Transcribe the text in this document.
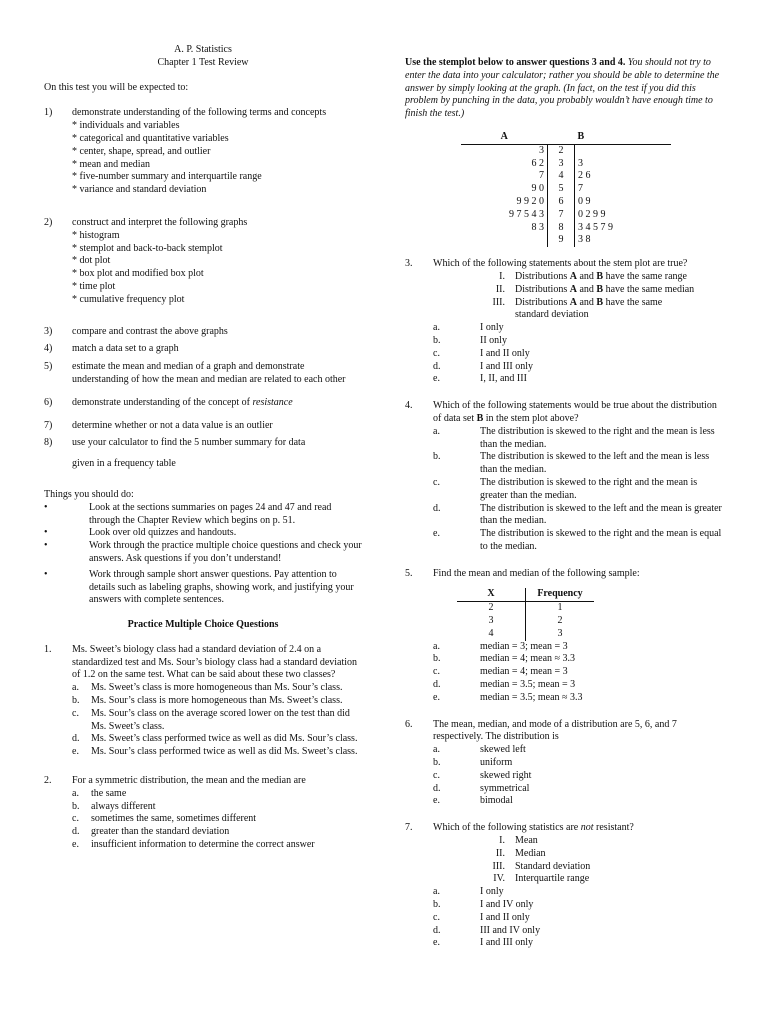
A. P. Statistics
Chapter 1 Test Review
On this test you will be expected to:
1)	demonstrate understanding of the following terms and concepts
* individuals and variables
* categorical and quantitative variables
* center, shape, spread, and outlier
* mean and median
* five-number summary and interquartile range
* variance and standard deviation
2)	construct and interpret the following graphs
* histogram
* stemplot and back-to-back stemplot
* dot plot
* box plot and modified box plot
* time plot
* cumulative frequency plot
3)	compare and contrast the above graphs
4)	match a data set to a graph
5)	estimate the mean and median of a graph and demonstrate understanding of how the mean and median are related to each other
6)	demonstrate understanding of the concept of resistance
7)	determine whether or not a data value is an outlier
8)	use your calculator to find the 5 number summary for data
given in a frequency table
Things you should do:
•	Look at the sections summaries on pages 24 and 47 and read through the Chapter Review which begins on p. 51.
•	Look over old quizzes and handouts.
•	Work through the practice multiple choice questions and check your answers. Ask questions if you don’t understand!
•	Work through sample short answer questions. Pay attention to details such as labeling graphs, showing work, and justifying your answers with complete sentences.
Practice Multiple Choice Questions
1.	Ms. Sweet’s biology class had a standard deviation of 2.4 on a standardized test and Ms. Sour’s biology class had a standard deviation of 1.2 on the same test. What can be said about these two classes?
a.	Ms. Sweet’s class is more homogeneous than Ms. Sour’s class.
b.	Ms. Sour’s class is more homogeneous than Ms. Sweet’s class.
c.	Ms. Sour’s class on the average scored lower on the test than did Ms. Sweet’s class.
d.	Ms. Sweet’s class performed twice as well as did Ms. Sour’s class.
e.	Ms. Sour’s class performed twice as well as did Ms. Sweet’s class.
2.	For a symmetric distribution, the mean and the median are
a.	the same
b.	always different
c.	sometimes the same, sometimes different
d.	greater than the standard deviation
e.	insufficient information to determine the correct answer
Use the stemplot below to answer questions 3 and 4. You should not try to enter the data into your calculator; rather you should be able to determine the answer by simply looking at the graph. (In fact, on the test if you did this problem by punching in the data, you probably wouldn’t have enough time to finish the test.)
A		B
3	2	
6 2	3	3
7	4	2 6
9 0	5	7
9 9 2 0	6	0 9
9 7 5 4 3	7	0 2 9 9
8 3	8	3 4 5 7 9
	9	3 8
3.	Which of the following statements about the stem plot are true?
I.	Distributions A and B have the same range
II.	Distributions A and B have the same median
III.	Distributions A and B have the same standard deviation
a.	I only
b.	II only
c.	I and II only
d.	I and III only
e.	I, II, and III
4.	Which of the following statements would be true about the distribution of data set B in the stem plot above?
a.	The distribution is skewed to the right and the mean is less than the median.
b.	The distribution is skewed to the left and the mean is less than the median.
c.	The distribution is skewed to the right and the mean is greater than the median.
d.	The distribution is skewed to the left and the mean is greater than the median.
e.	The distribution is skewed to the right and the mean is equal to the median.
5.	Find the mean and median of the following sample:
X	Frequency
2	1
3	2
4	3
a.	median = 3; mean = 3
b.	median = 4; mean ≈ 3.3
c.	median = 4; mean = 3
d.	median = 3.5; mean = 3
e.	median = 3.5; mean ≈ 3.3
6.	The mean, median, and mode of a distribution are 5, 6, and 7 respectively. The distribution is
a.	skewed left
b.	uniform
c.	skewed right
d.	symmetrical
e.	bimodal
7.	Which of the following statistics are not resistant?
I.	Mean
II.	Median
III.	Standard deviation
IV.	Interquartile range
a.	I only
b.	I and IV only
c.	I and II only
d.	III and IV only
e.	I and III only
